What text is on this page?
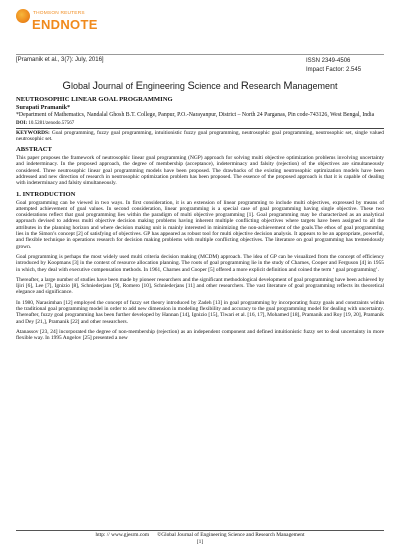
THOMSON REUTERS
ENDNOTE
[Pramanik et al., 3(7): July, 2016]	ISSN 2349-4506
Impact Factor: 2.545
Global Journal of Engineering Science and Research Management

NEUTROSOPHIC LINEAR GOAL PROGRAMMING

Surapati Pramanik*

*Department of Mathematics, Nandalal Ghosh B.T. College, Panpur, P.O.-Narayanpur, District – North 24 Parganas, Pin code-743126, West Bengal, India

DOI: 10.5281/zenodo.57567

KEYWORDS: Goal programming, fuzzy goal programming, intuitionistic fuzzy goal programming, neutrosophic goal programming, neutrosophic set, single valued neutrosophic set.

ABSTRACT

This paper proposes the framework of neutrosophic linear goal programming (NGP) approach for solving multi objective optimization problems involving uncertainty and indeterminacy. In the proposed approach, the degree of membership (acceptance), indeterminacy and falsity (rejection) of the objectives are simultaneously considered. Three neutrosophic linear goal programming models have been proposed. The drawbacks of the existing neutrosophic optimization models have been addressed and new direction of research in neutrosophic optimization problem has been proposed. The essence of the proposed approach is that it is capable of dealing with indeterminacy and falsity simultaneously.

1. INTRODUCTION

Goal programming can be viewed in two ways. In first consideration, it is an extension of linear programming to include multi objectives, expressed by means of attempted achievement of goal values. In second consideration, linear programming is a special case of goal programming having single objective. These two considerations reflect that goal programming lies within the paradigm of multi objective programming [1]. Goal programming may be characterized as an analytical approach devised to address multi objective decision making problems having inherent multiple conflicting objectives where targets have been assigned to all the attributes in the planning horizon and where decision making unit is mainly interested in minimizing the non-achievement of the goals.The ethos of goal programming lies in the Simon’s concept [2] of satisfying of objectives. GP has appeared as robust tool for multi objective decision analysis. It appears to be an appropriate, powerful, and flexible technique in operations research for decision making problems with multiple conflicting objectives. The literature on goal programming has tremendously grown.

Goal programming is perhaps the most widely used multi criteria decision making (MCDM) approach. The idea of GP can be visualized from the concept of efficiency introduced by Koopmans [3] in the context of resource allocation planning. The roots of goal programming lie in the study of Charnes, Cooper and Ferguson [4] in 1955 in which, they deal with executive compensation methods. In 1961, Charnes and Cooper [5] offered a more explicit definition and coined the term ‘ goal programming’.

Thereafter, a large number of studies have been made by pioneer researchers and the significant methodological development of goal programming have been achieved by Ijiri [6], Lee [7], Ignizio [8], Schniederjans [9], Romero [10], Schniederjans [11] and other researchers. The vast literature of goal programming reflects its theoretical elegance and significance.

In 1980, Narasimhan [12] employed the concept of fuzzy set theory introduced by Zadeh [13] in goal programming by incorporating fuzzy goals and constraints within the traditional goal programming model in order to add new dimension in modeling flexibility and accuracy to the goal programming model for dealing with uncertainty. Thereafter, fuzzy goal programming has been further developed by Hannan [14], Ignizio [15], Tiwari et al. [16, 17], Mohamed [18], Pramanik and Roy [19, 20], Pramanik and Dey [21,], Pramanik [22] and other researchers.

Atanassov [23, 24] incorporated the degree of non-membership (rejection) as an independent component and defined intuitionistic fuzzy set to deal uncertainty in more flexible way. In 1995 Angelov [25] presented a new

http: // www.gjesrm.com ©Global Journal of Engineering Science and Research Management
[1]
